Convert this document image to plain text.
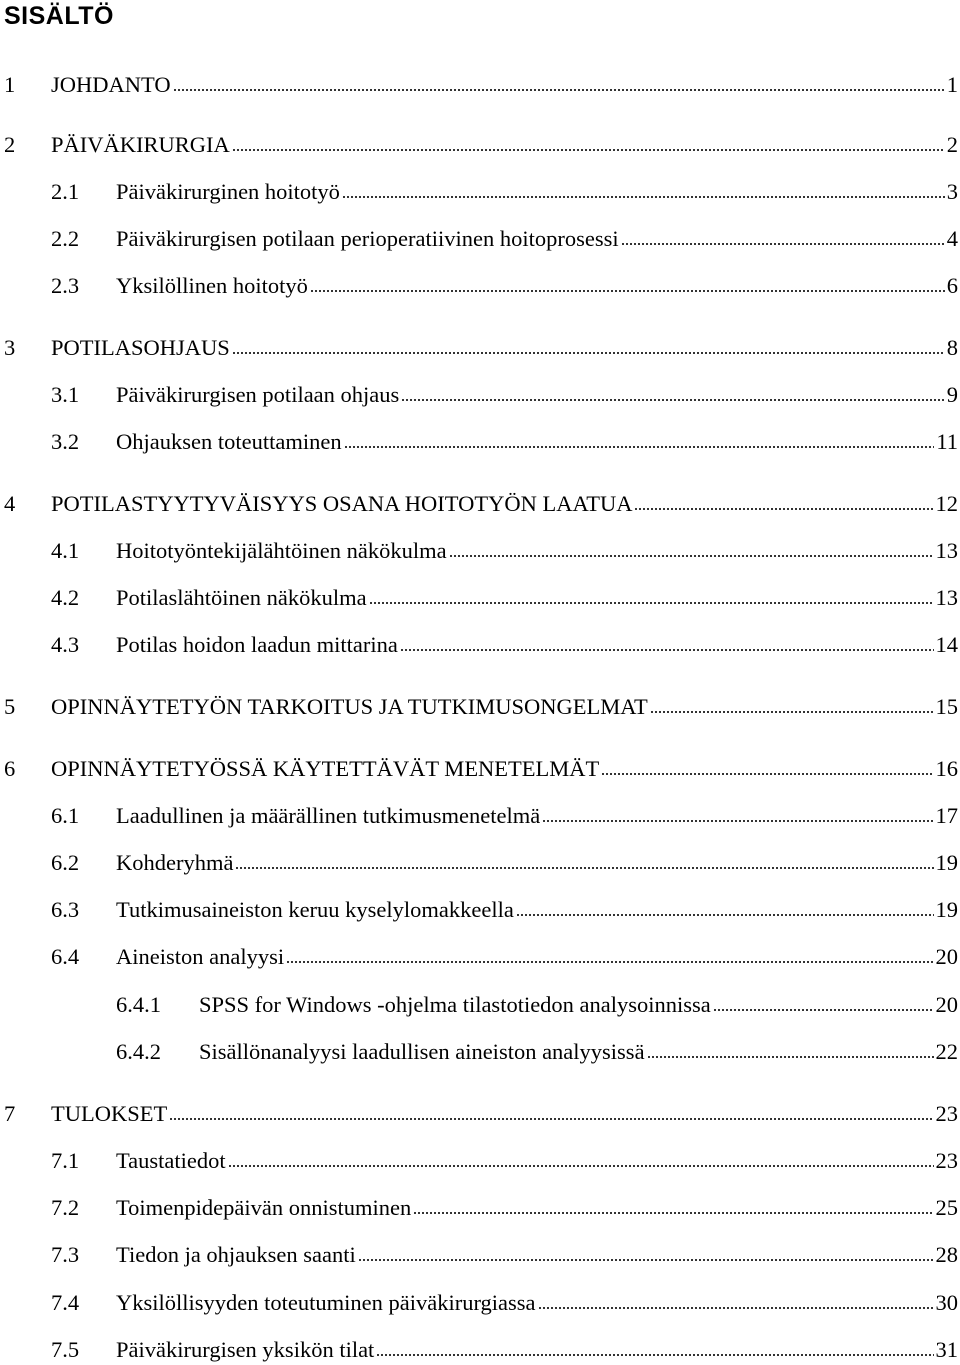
SISÄLTÖ
1 JOHDANTO	1
2 PÄIVÄKIRURGIA	2
2.1 Päiväkirurginen hoitotyö	3
2.2 Päiväkirurgisen potilaan perioperatiivinen hoitoprosessi	4
2.3 Yksilöllinen hoitotyö	6
3 POTILASOHJAUS	8
3.1 Päiväkirurgisen potilaan ohjaus	9
3.2 Ohjauksen toteuttaminen	11
4 POTILASTYYTYVÄISYYS OSANA HOITOTYÖN LAATUA	12
4.1 Hoitotyöntekijälähtöinen näkökulma	13
4.2 Potilaslähtöinen näkökulma	13
4.3 Potilas hoidon laadun mittarina	14
5 OPINNÄYTETYÖN TARKOITUS JA TUTKIMUSONGELMAT	15
6 OPINNÄYTETYÖSSÄ KÄYTETTÄVÄT MENETELMÄT	16
6.1 Laadullinen ja määrällinen tutkimusmenetelmä	17
6.2 Kohderyhmä	19
6.3 Tutkimusaineiston keruu kyselylomakkeella	19
6.4 Aineiston analyysi	20
6.4.1 SPSS for Windows -ohjelma tilastotiedon analysoinnissa	20
6.4.2 Sisällönanalyysi laadullisen aineiston analyysissä	22
7 TULOKSET	23
7.1 Taustatiedot	23
7.2 Toimenpidepäivän onnistuminen	25
7.3 Tiedon ja ohjauksen saanti	28
7.4 Yksilöllisyyden toteutuminen päiväkirurgiassa	30
7.5 Päiväkirurgisen yksikön tilat	31
